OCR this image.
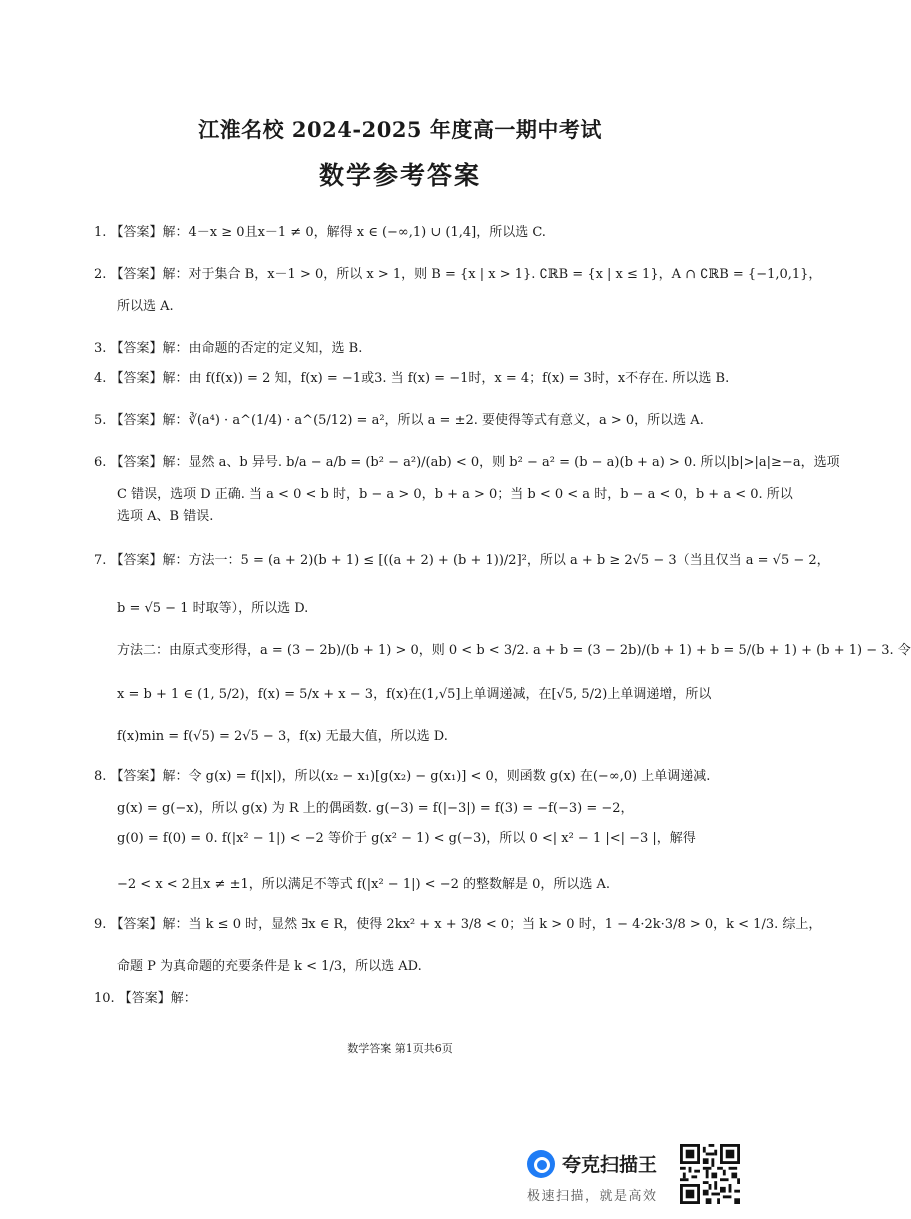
江淮名校 2024-2025 年度高一期中考试
数学参考答案
1. 【答案】解：4－x ≥ 0且x－1 ≠ 0，解得 x ∈ (−∞,1) ∪ (1,4]，所以选 C.
2. 【答案】解：对于集合 B，x－1 > 0，所以 x > 1，则 B = {x | x > 1}. ∁ℝB = {x | x ≤ 1}，A ∩ ∁ℝB = {−1,0,1}，
所以选 A.
3. 【答案】解：由命题的否定的定义知，选 B.
4. 【答案】解：由 f(f(x)) = 2 知，f(x) = −1或3. 当 f(x) = −1时，x = 4；f(x) = 3时，x不存在. 所以选 B.
5. 【答案】解：∛(a⁴) · a^(1/4) · a^(5/12) = a²，所以 a = ±2. 要使得等式有意义，a > 0，所以选 A.
6. 【答案】解：显然 a、b 异号. b/a − a/b = (b² − a²)/(ab) < 0，则 b² − a² = (b − a)(b + a) > 0. 所以|b|>|a|≥−a，选项
C 错误，选项 D 正确. 当 a < 0 < b 时，b − a > 0，b + a > 0；当 b < 0 < a 时，b − a < 0，b + a < 0. 所以
选项 A、B 错误.
7. 【答案】解：方法一：5 = (a + 2)(b + 1) ≤ [((a + 2) + (b + 1))/2]²，所以 a + b ≥ 2√5 − 3（当且仅当 a = √5 − 2，
b = √5 − 1 时取等），所以选 D.
方法二：由原式变形得，a = (3 − 2b)/(b + 1) > 0，则 0 < b < 3/2. a + b = (3 − 2b)/(b + 1) + b = 5/(b + 1) + (b + 1) − 3. 令
x = b + 1 ∈ (1, 5/2)，f(x) = 5/x + x − 3，f(x)在(1,√5]上单调递减，在[√5, 5/2)上单调递增，所以
f(x)min = f(√5) = 2√5 − 3，f(x) 无最大值，所以选 D.
8. 【答案】解：令 g(x) = f(|x|)，所以(x₂ − x₁)[g(x₂) − g(x₁)] < 0，则函数 g(x) 在(−∞,0) 上单调递减.
g(x) = g(−x)，所以 g(x) 为 R 上的偶函数. g(−3) = f(|−3|) = f(3) = −f(−3) = −2，
g(0) = f(0) = 0. f(|x² − 1|) < −2 等价于 g(x² − 1) < g(−3)，所以 0 <| x² − 1 |<| −3 |，解得
−2 < x < 2且x ≠ ±1，所以满足不等式 f(|x² − 1|) < −2 的整数解是 0，所以选 A.
9. 【答案】解：当 k ≤ 0 时，显然 ∃x ∈ R，使得 2kx² + x + 3/8 < 0；当 k > 0 时，1 − 4·2k·3/8 > 0，k < 1/3. 综上，
命题 P 为真命题的充要条件是 k < 1/3，所以选 AD.
10. 【答案】解：
数学答案 第1页共6页
夸克扫描王
极速扫描，就是高效
